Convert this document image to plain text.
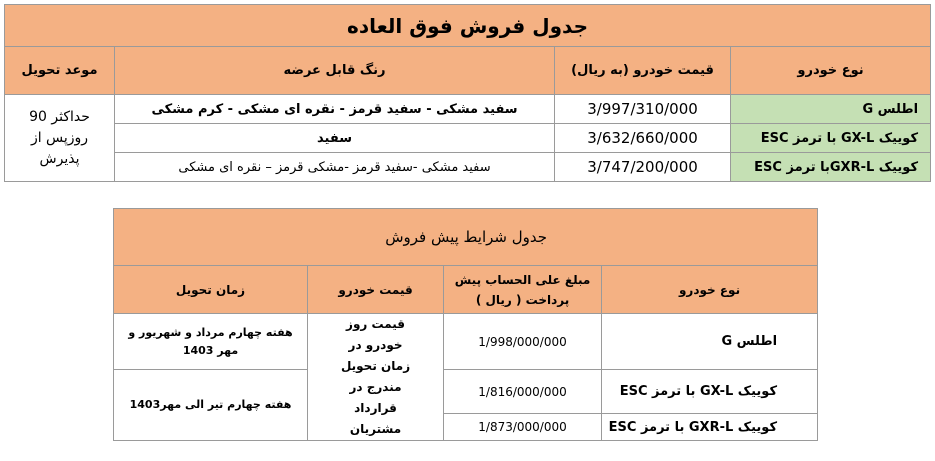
جدول فروش فوق العاده			
نوع خودرو	قیمت خودرو (به ریال)	رنگ قابل عرضه	موعد تحویل
اطلس G	3/997/310/000	سفید مشکی - سفید قرمز - نقره ای مشکی - کرم مشکی	حداکثر 90 روزپس از پذیرش
کوییک GX-L با ترمز ESC	3/632/660/000	سفید	
کوییک GXR-Lبا ترمز ESC	3/747/200/000	سفید مشکی -سفید قرمز -مشکی قرمز – نقره ای مشکی	
جدول شرایط پیش فروش			
نوع خودرو	مبلغ علی الحساب پیش پرداخت ( ریال )	قیمت خودرو	زمان تحویل
اطلس G	1/998/000/000	قیمت روز خودرو در زمان تحویل مندرج در قرارداد مشتریان	هفته چهارم مرداد و شهریور و مهر 1403
کوییک GX-L با ترمز ESC	1/816/000/000		هفته چهارم تیر الی مهر1403
کوییک GXR-L با ترمز ESC	1/873/000/000		
